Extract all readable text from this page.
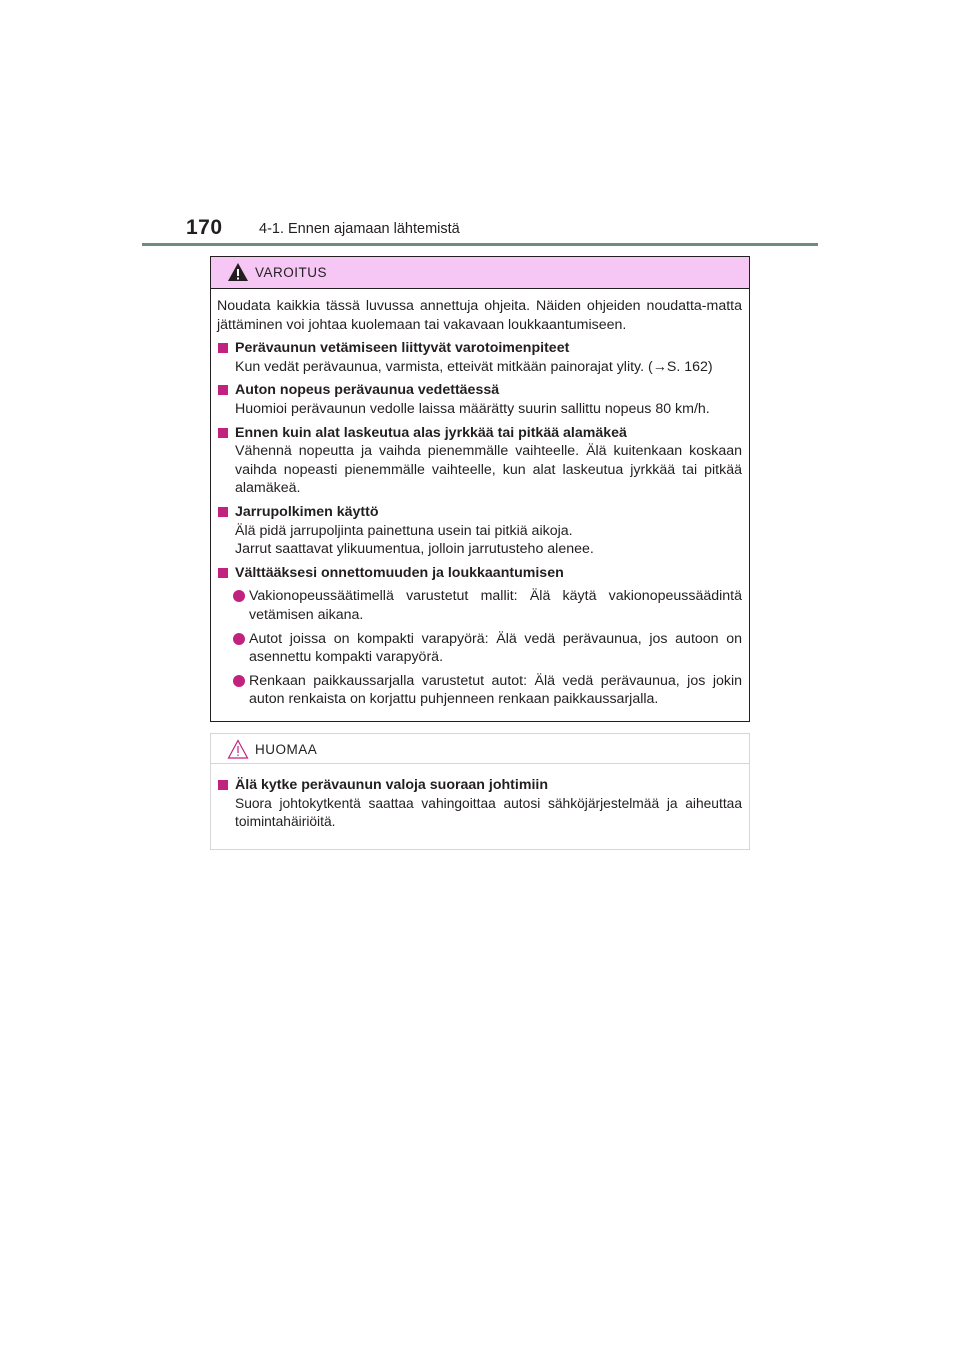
170	4-1. Ennen ajamaan lähtemistä
VAROITUS
Noudata kaikkia tässä luvussa annettuja ohjeita. Näiden ohjeiden noudatta-matta jättäminen voi johtaa kuolemaan tai vakavaan loukkaantumiseen.
Perävaunun vetämiseen liittyvät varotoimenpiteet
Kun vedät perävaunua, varmista, etteivät mitkään painorajat ylity. (→S. 162)
Auton nopeus perävaunua vedettäessä
Huomioi perävaunun vedolle laissa määrätty suurin sallittu nopeus 80 km/h.
Ennen kuin alat laskeutua alas jyrkkää tai pitkää alamäkeä
Vähennä nopeutta ja vaihda pienemmälle vaihteelle. Älä kuitenkaan koskaan vaihda nopeasti pienemmälle vaihteelle, kun alat laskeutua jyrkkää tai pitkää alamäkeä.
Jarrupolkimen käyttö
Älä pidä jarrupoljinta painettuna usein tai pitkiä aikoja.
Jarrut saattavat ylikuumentua, jolloin jarrutusteho alenee.
Välttääksesi onnettomuuden ja loukkaantumisen
Vakionopeussäätimellä varustetut mallit: Älä käytä vakionopeussäädintä vetämisen aikana.
Autot joissa on kompakti varapyörä: Älä vedä perävaunua, jos autoon on asennettu kompakti varapyörä.
Renkaan paikkaussarjalla varustetut autot: Älä vedä perävaunua, jos jokin auton renkaista on korjattu puhjenneen renkaan paikkaussarjalla.
HUOMAA
Älä kytke perävaunun valoja suoraan johtimiin
Suora johtokytkentä saattaa vahingoittaa autosi sähköjärjestelmää ja aiheuttaa toimintahäiriöitä.
